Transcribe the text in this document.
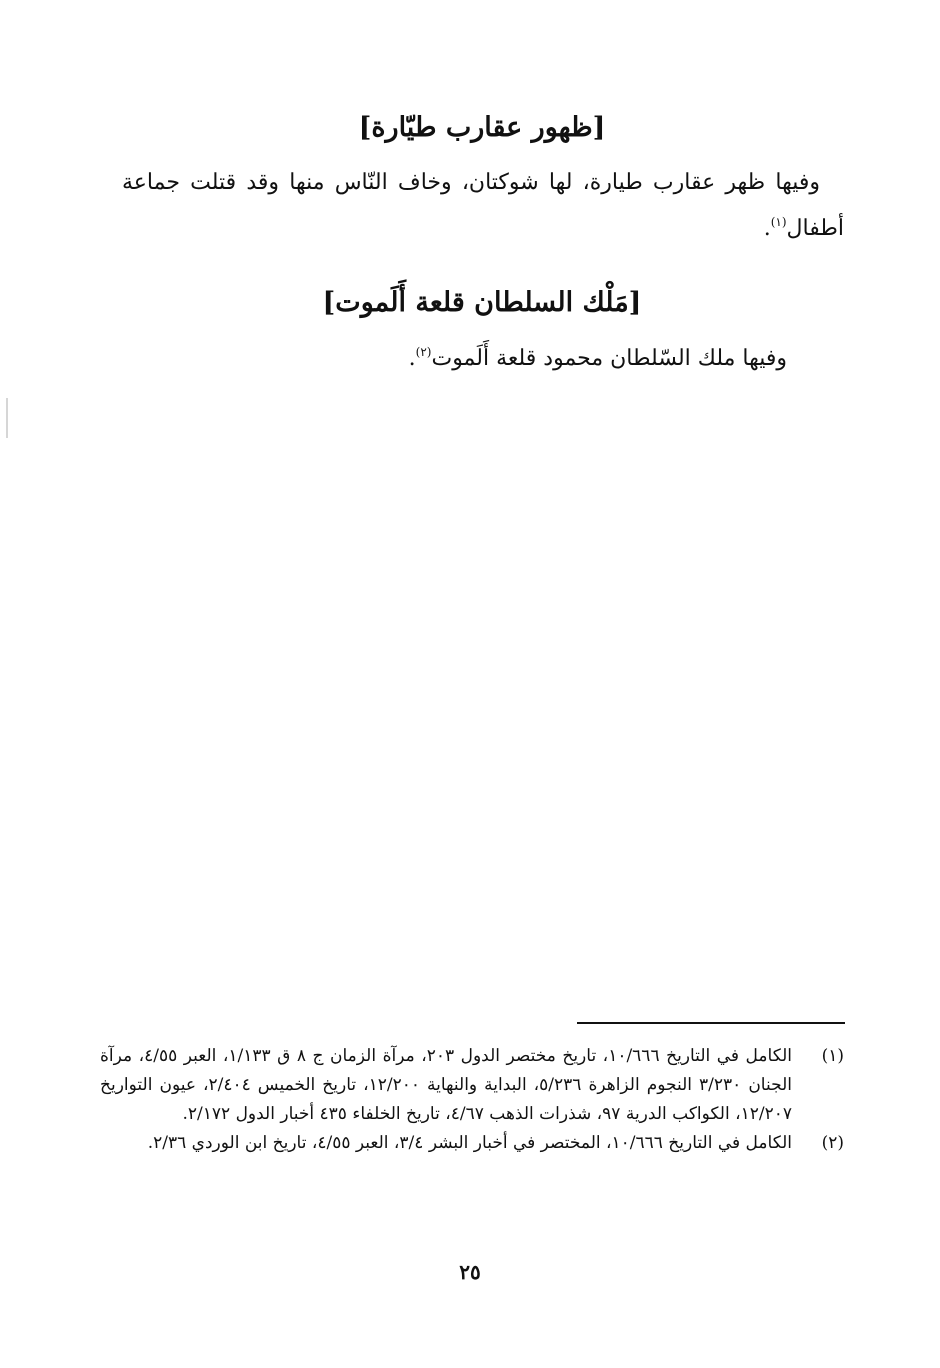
[ظهور عقارب طيّارة]

وفيها ظهر عقارب طيارة، لها شوكتان، وخاف النّاس منها وقد قتلت جماعة أطفال$^{(١)}$.

[مَلْك السلطان قلعة أَلَموت]

وفيها ملك السّلطان محمود قلعة أَلَموت$^{(٢)}$.

(١)
الكامل في التاريخ ١٠/٦٦٦، تاريخ مختصر الدول ٢٠٣، مرآة الزمان ج ٨ ق ١/١٣٣، العبر ٤/٥٥، مرآة الجنان ٣/٢٣٠ النجوم الزاهرة ٥/٢٣٦، البداية والنهاية ١٢/٢٠٠، تاريخ الخميس ٢/٤٠٤، عيون التواريخ ١٢/٢٠٧، الكواكب الدرية ٩٧، شذرات الذهب ٤/٦٧، تاريخ الخلفاء ٤٣٥ أخبار الدول ٢/١٧٢.
(٢)
الكامل في التاريخ ١٠/٦٦٦، المختصر في أخبار البشر ٣/٤، العبر ٤/٥٥، تاريخ ابن الوردي ٢/٣٦.
٢٥
